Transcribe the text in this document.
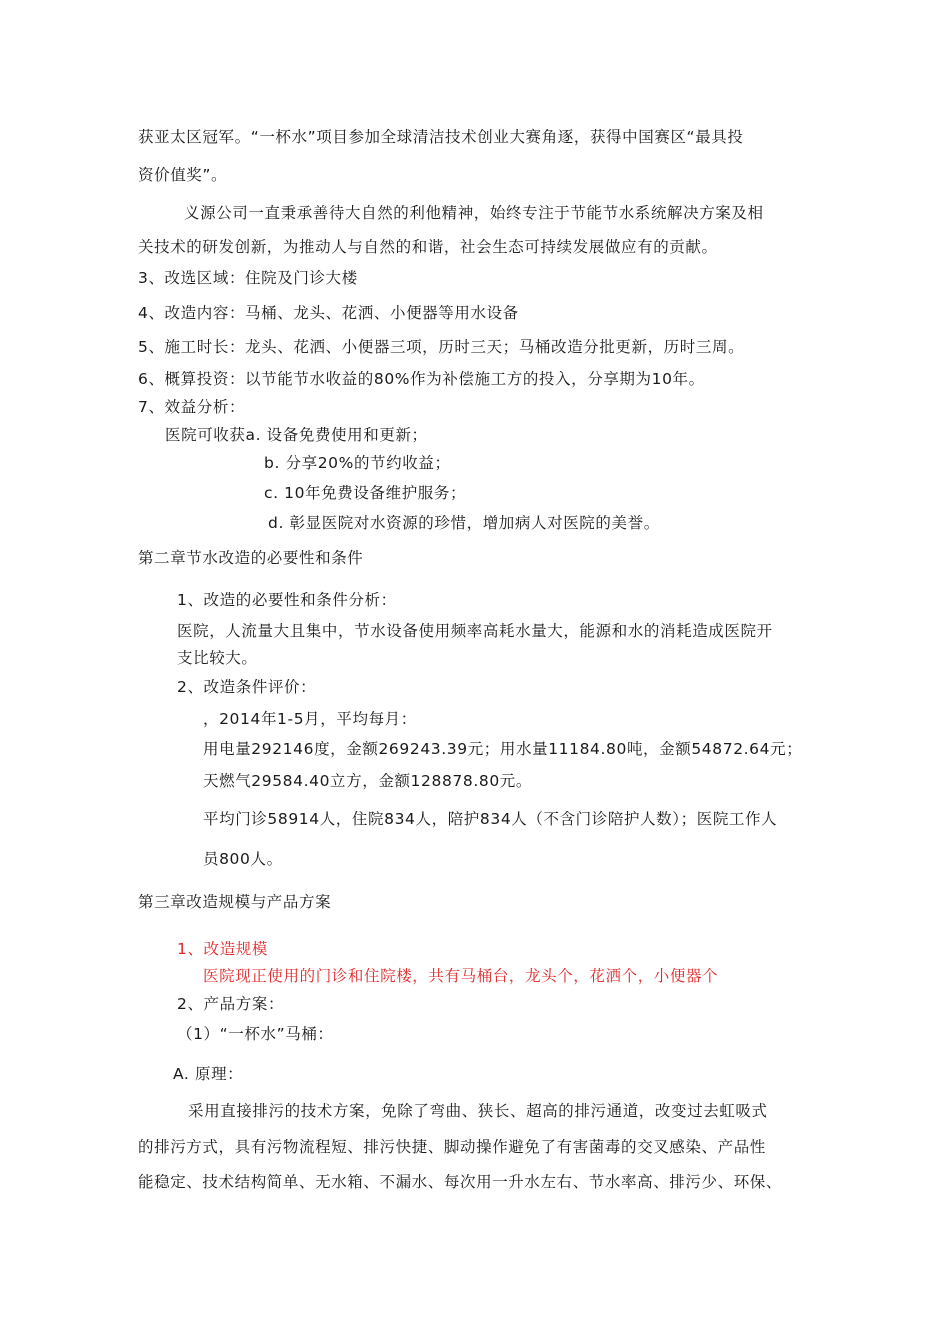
获亚太区冠军。“一杯水”项目参加全球清洁技术创业大赛角逐，获得中国赛区“最具投
资价值奖”。
义源公司一直秉承善待大自然的利他精神，始终专注于节能节水系统解决方案及相
关技术的研发创新，为推动人与自然的和谐，社会生态可持续发展做应有的贡献。
3、改选区域：住院及门诊大楼
4、改造内容：马桶、龙头、花洒、小便器等用水设备
5、施工时长：龙头、花洒、小便器三项，历时三天；马桶改造分批更新，历时三周。
6、概算投资：以节能节水收益的80%作为补偿施工方的投入，分享期为10年。
7、效益分析：
医院可收获a. 设备免费使用和更新；
b. 分享20%的节约收益；
c. 10年免费设备维护服务；
d. 彰显医院对水资源的珍惜，增加病人对医院的美誉。
第二章节水改造的必要性和条件
1、改造的必要性和条件分析：
医院，人流量大且集中，节水设备使用频率高耗水量大，能源和水的消耗造成医院开
支比较大。
2、改造条件评价：
，2014年1-5月，平均每月：
用电量292146度，金额269243.39元；用水量11184.80吨，金额54872.64元；
天燃气29584.40立方，金额128878.80元。
平均门诊58914人，住院834人，陪护834人（不含门诊陪护人数）；医院工作人
员800人。
第三章改造规模与产品方案
1、改造规模
医院现正使用的门诊和住院楼，共有马桶台，龙头个，花洒个，小便器个
2、产品方案：
（1）“一杯水”马桶：
A. 原理：
采用直接排污的技术方案，免除了弯曲、狭长、超高的排污通道，改变过去虹吸式
的排污方式，具有污物流程短、排污快捷、脚动操作避免了有害菌毒的交叉感染、产品性
能稳定、技术结构简单、无水箱、不漏水、每次用一升水左右、节水率高、排污少、环保、
